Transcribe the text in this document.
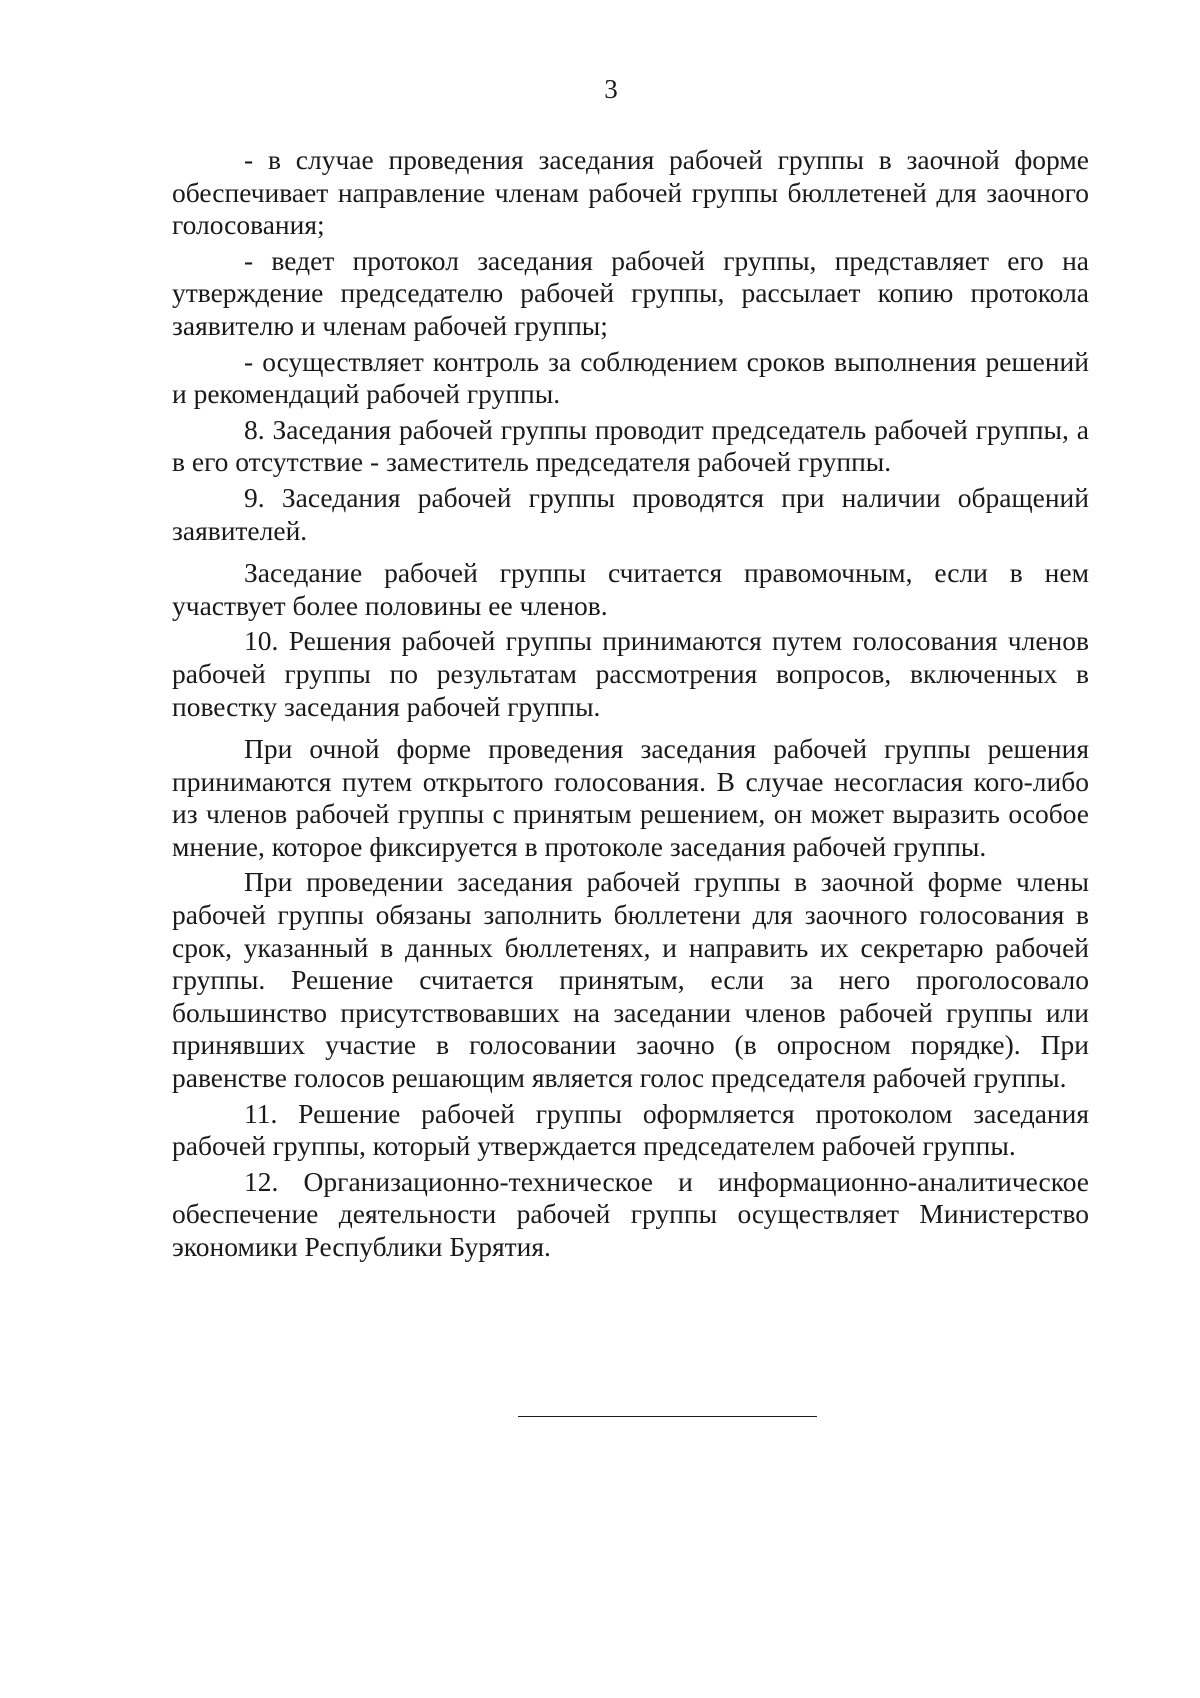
3

- в случае проведения заседания рабочей группы в заочной форме обеспечивает направление членам рабочей группы бюллетеней для заочного голосования;

- ведет протокол заседания рабочей группы, представляет его на утверждение председателю рабочей группы, рассылает копию протокола заявителю и членам рабочей группы;

- осуществляет контроль за соблюдением сроков выполнения решений и рекомендаций рабочей группы.

8. Заседания рабочей группы проводит председатель рабочей группы, а в его отсутствие - заместитель председателя рабочей группы.

9. Заседания рабочей группы проводятся при наличии обращений заявителей.

Заседание рабочей группы считается правомочным, если в нем участвует более половины ее членов.

10. Решения рабочей группы принимаются путем голосования членов рабочей группы по результатам рассмотрения вопросов, включенных в повестку заседания рабочей группы.

При очной форме проведения заседания рабочей группы решения принимаются путем открытого голосования. В случае несогласия кого-либо из членов рабочей группы с принятым решением, он может выразить особое мнение, которое фиксируется в протоколе заседания рабочей группы.

При проведении заседания рабочей группы в заочной форме члены рабочей группы обязаны заполнить бюллетени для заочного голосования в срок, указанный в данных бюллетенях, и направить их секретарю рабочей группы. Решение считается принятым, если за него проголосовало большинство присутствовавших на заседании членов рабочей группы или принявших участие в голосовании заочно (в опросном порядке). При равенстве голосов решающим является голос председателя рабочей группы.

11. Решение рабочей группы оформляется протоколом заседания рабочей группы, который утверждается председателем рабочей группы.

12. Организационно-техническое и информационно-аналитическое обеспечение деятельности рабочей группы осуществляет Министерство экономики Республики Бурятия.
